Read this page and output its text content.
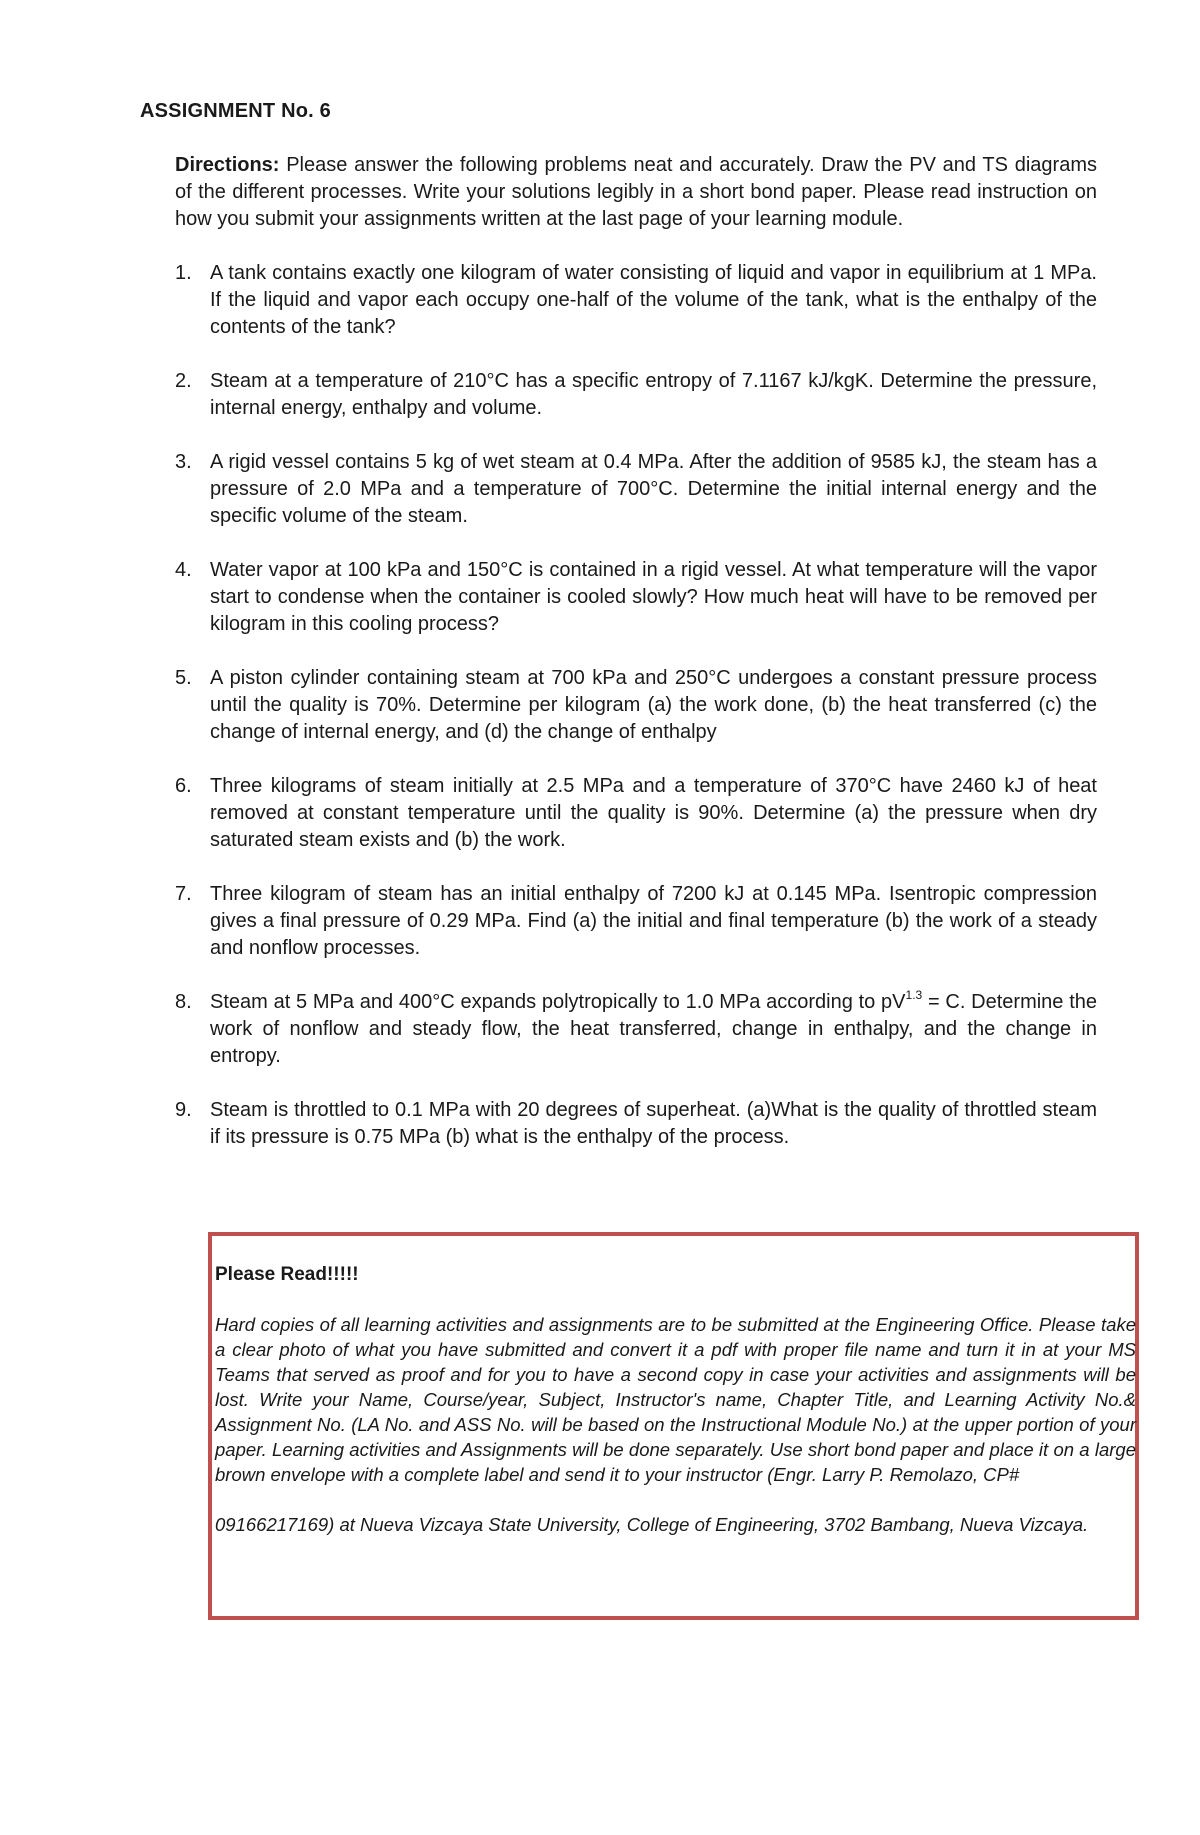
ASSIGNMENT No. 6

Directions: Please answer the following problems neat and accurately. Draw the PV and TS diagrams of the different processes. Write your solutions legibly in a short bond paper. Please read instruction on how you submit your assignments written at the last page of your learning module.

1. A tank contains exactly one kilogram of water consisting of liquid and vapor in equilibrium at 1 MPa. If the liquid and vapor each occupy one-half of the volume of the tank, what is the enthalpy of the contents of the tank?
2. Steam at a temperature of 210°C has a specific entropy of 7.1167 kJ/kgK. Determine the pressure, internal energy, enthalpy and volume.
3. A rigid vessel contains 5 kg of wet steam at 0.4 MPa. After the addition of 9585 kJ, the steam has a pressure of 2.0 MPa and a temperature of 700°C. Determine the initial internal energy and the specific volume of the steam.
4. Water vapor at 100 kPa and 150°C is contained in a rigid vessel. At what temperature will the vapor start to condense when the container is cooled slowly? How much heat will have to be removed per kilogram in this cooling process?
5. A piston cylinder containing steam at 700 kPa and 250°C undergoes a constant pressure process until the quality is 70%. Determine per kilogram (a) the work done, (b) the heat transferred (c) the change of internal energy, and (d) the change of enthalpy
6. Three kilograms of steam initially at 2.5 MPa and a temperature of 370°C have 2460 kJ of heat removed at constant temperature until the quality is 90%. Determine (a) the pressure when dry saturated steam exists and (b) the work.
7. Three kilogram of steam has an initial enthalpy of 7200 kJ at 0.145 MPa. Isentropic compression gives a final pressure of 0.29 MPa. Find (a) the initial and final temperature (b) the work of a steady and nonflow processes.
8. Steam at 5 MPa and 400°C expands polytropically to 1.0 MPa according to $pV^{1.3} = C$. Determine the work of nonflow and steady flow, the heat transferred, change in enthalpy, and the change in entropy.
9. Steam is throttled to 0.1 MPa with 20 degrees of superheat. (a)What is the quality of throttled steam if its pressure is 0.75 MPa (b) what is the enthalpy of the process.

Please Read!!!!!

Hard copies of all learning activities and assignments are to be submitted at the Engineering Office. Please take a clear photo of what you have submitted and convert it a pdf with proper file name and turn it in at your MS Teams that served as proof and for you to have a second copy in case your activities and assignments will be lost. Write your Name, Course/year, Subject, Instructor's name, Chapter Title, and Learning Activity No.& Assignment No. (LA No. and ASS No. will be based on the Instructional Module No.) at the upper portion of your paper. Learning activities and Assignments will be done separately. Use short bond paper and place it on a large brown envelope with a complete label and send it to your instructor (Engr. Larry P. Remolazo, CP#

09166217169) at Nueva Vizcaya State University, College of Engineering, 3702 Bambang, Nueva Vizcaya.
